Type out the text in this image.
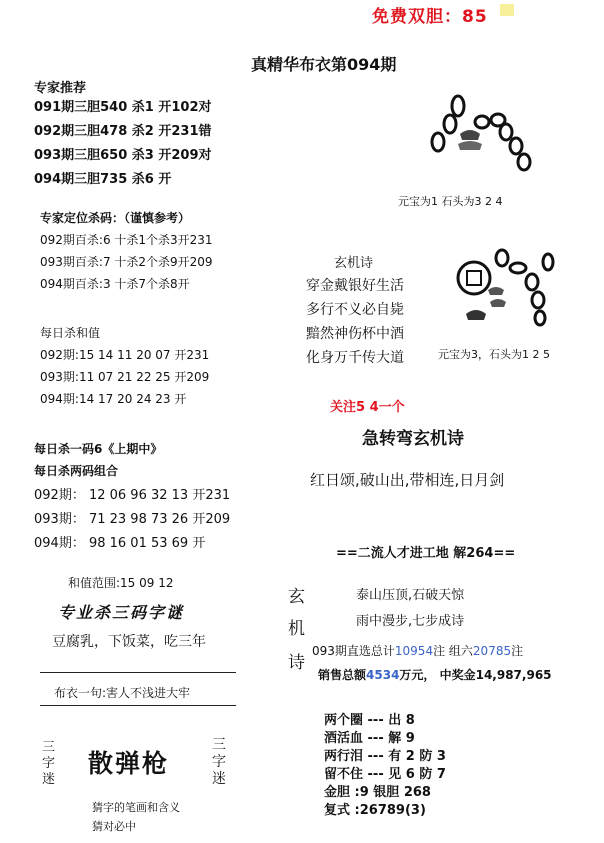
免费双胆：85
真精华布衣第094期
专家推荐
091期三胆540 杀1 开102对
092期三胆478 杀2 开231错
093期三胆650 杀3 开209对
094期三胆735 杀6 开
专家定位杀码：（谨慎参考）
092期百杀:6 十杀1个杀3开231
093期百杀:7 十杀2个杀9开209
094期百杀:3 十杀7个杀8开
每日杀和值
092期:15 14 11 20 07 开231
093期:11 07 21 22 25 开209
094期:14 17 20 24 23 开
每日杀一码6《上期中》
每日杀两码组合
092期： 12 06 96 32 13 开231
093期： 71 23 98 73 26 开209
094期： 98 16 01 53 69 开
和值范围:15 09 12
专业杀三码字谜
豆腐乳，下饭菜，吃三年
布衣一句:害人不浅进大牢
三字迷
散弹枪
三字迷
猜字的笔画和含义
猜对必中
元宝为1 石头为3 2 4
玄机诗
穿金戴银好生活
多行不义必自毙
黯然神伤杯中酒
化身万千传大道	元宝为3，石头为1 2 5
关注5 4一个
急转弯玄机诗
红日颂,破山出,带相连,日月剑
==二流人才进工地 解264==
玄
机
诗
泰山压顶,石破天惊
雨中漫步,七步成诗
093期直选总计10954注 组六20785注
销售总额4534万元， 中奖金14,987,965
两个圈 --- 出 8
酒活血 --- 解 9
两行泪 --- 有 2 防 3
留不住 --- 见 6 防 7
金胆 :9 银胆 268
复式 :26789(3)
